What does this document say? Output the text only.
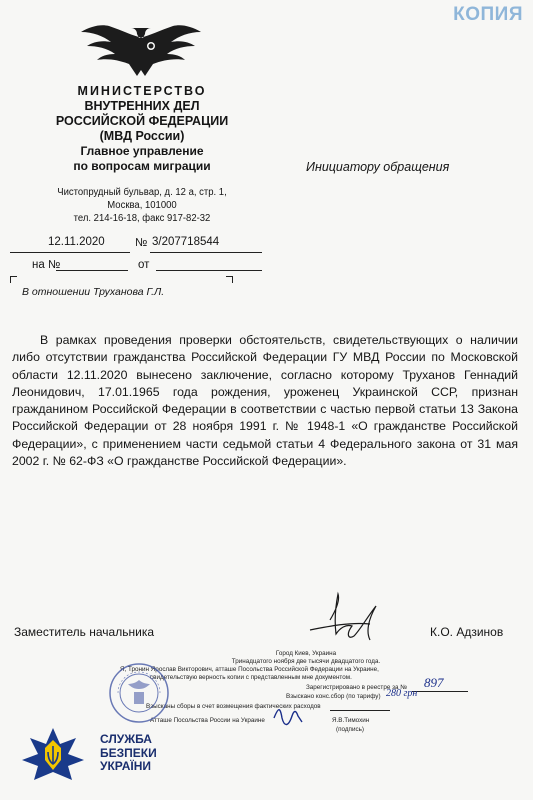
КОПИЯ
МИНИСТЕРСТВО
ВНУТРЕННИХ ДЕЛ
РОССИЙСКОЙ ФЕДЕРАЦИИ
(МВД России)
Главное управление
по вопросам миграции
Чистопрудный бульвар, д. 12 а, стр. 1,
Москва, 101000
тел. 214-16-18, факс 917-82-32
Инициатору обращения
12.11.2020	№ 3/207718544
на №	от
В отношении Труханова Г.Л.
В рамках проведения проверки обстоятельств, свидетельствующих о наличии либо отсутствии гражданства Российской Федерации ГУ МВД России по Московской области 12.11.2020 вынесено заключение, согласно которому Труханов Геннадий Леонидович, 17.01.1965 года рождения, уроженец Украинской ССР, признан гражданином Российской Федерации в соответствии с частью первой статьи 13 Закона Российской Федерации от 28 ноября 1991 г. № 1948-1 «О гражданстве Российской Федерации», с применением части седьмой статьи 4 Федерального закона от 31 мая 2002 г. № 62-ФЗ «О гражданстве Российской Федерации».
Заместитель начальника	К.О. Адзинов
Город Киев, Украина
Тринадцатого ноября две тысячи двадцатого года.
Я, Тронин Ярослав Викторович, атташе Посольства Российской Федерации на Украине,
свидетельствую верность копии с представленным мне документом.
Зарегистрировано в реестре за № 897
Взыскано конс.сбор (по тарифу) 280 грн
Взысканы сборы в счет возмещения фактических расходов
Атташе Посольства России на Украине	Я.В.Тимохин
(подпись)
СЛУЖБА
БЕЗПЕКИ
УКРАЇНИ
